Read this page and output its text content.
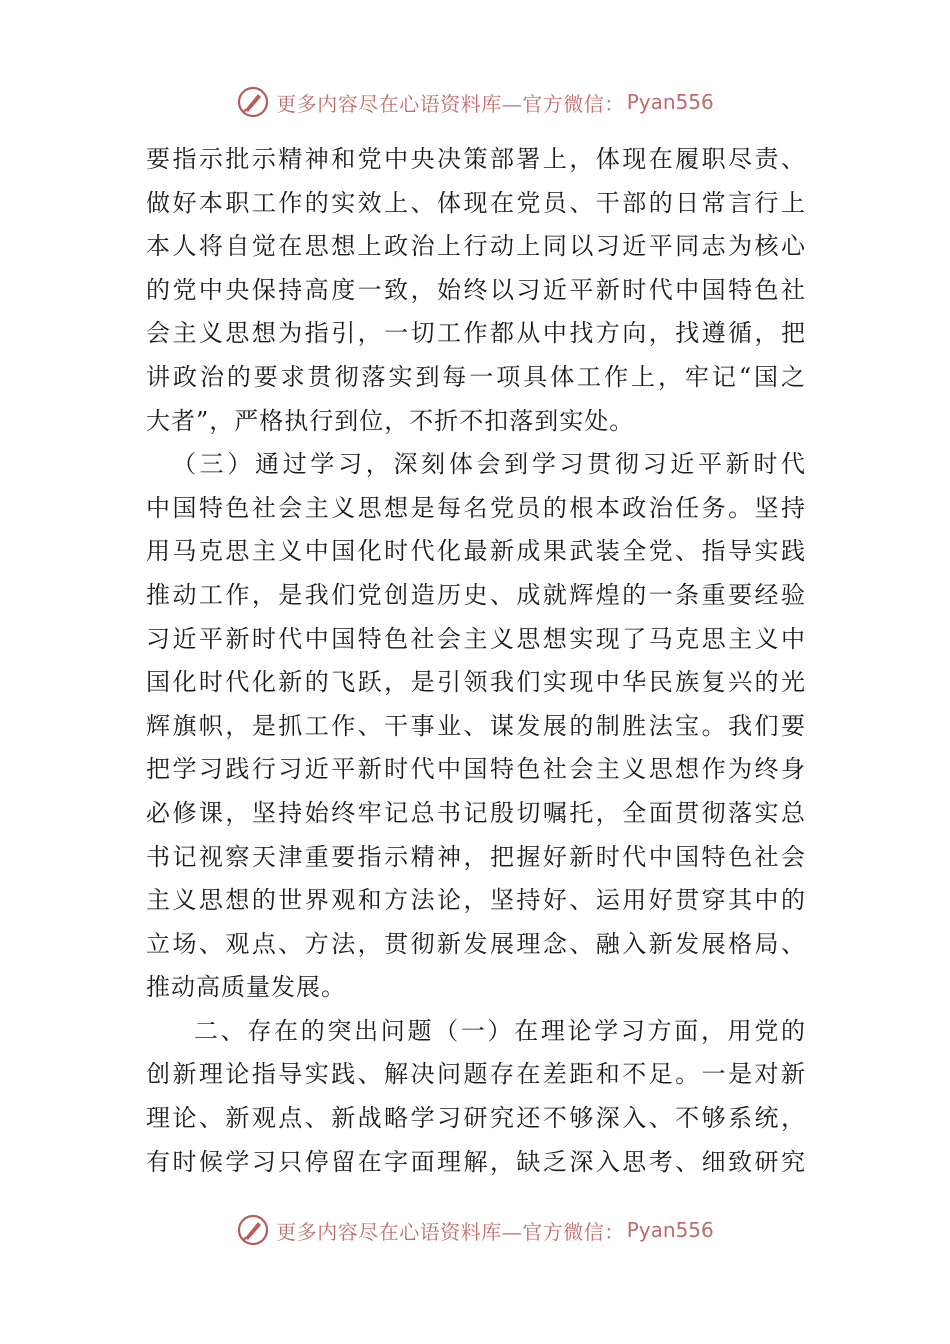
更多内容尽在心语资料库—官方微信： Pyan556
要指示批示精神和党中央决策部署上，体现在履职尽责、
做好本职工作的实效上、体现在党员、干部的日常言行上
本人将自觉在思想上政治上行动上同以习近平同志为核心
的党中央保持高度一致，始终以习近平新时代中国特色社
会主义思想为指引，一切工作都从中找方向，找遵循，把
讲政治的要求贯彻落实到每一项具体工作上，牢记“国之
大者”，严格执行到位，不折不扣落到实处。
（三）通过学习，深刻体会到学习贯彻习近平新时代
中国特色社会主义思想是每名党员的根本政治任务。坚持
用马克思主义中国化时代化最新成果武装全党、指导实践
推动工作，是我们党创造历史、成就辉煌的一条重要经验
习近平新时代中国特色社会主义思想实现了马克思主义中
国化时代化新的飞跃，是引领我们实现中华民族复兴的光
辉旗帜，是抓工作、干事业、谋发展的制胜法宝。我们要
把学习践行习近平新时代中国特色社会主义思想作为终身
必修课，坚持始终牢记总书记殷切嘱托，全面贯彻落实总
书记视察天津重要指示精神，把握好新时代中国特色社会
主义思想的世界观和方法论，坚持好、运用好贯穿其中的
立场、观点、方法，贯彻新发展理念、融入新发展格局、
推动高质量发展。
二、存在的突出问题（一）在理论学习方面，用党的
创新理论指导实践、解决问题存在差距和不足。一是对新
理论、新观点、新战略学习研究还不够深入、不够系统，
有时候学习只停留在字面理解，缺乏深入思考、细致研究
更多内容尽在心语资料库—官方微信： Pyan556
